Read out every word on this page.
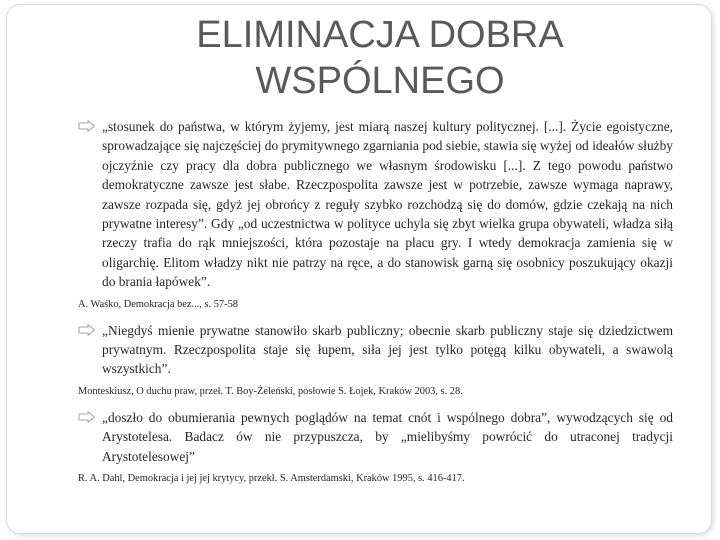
ELIMINACJA DOBRA
WSPÓLNEGO

„stosunek do państwa, w którym żyjemy, jest miarą naszej kultury politycznej. [...]. Życie egoistyczne, sprowadzające się najczęściej do prymitywnego zgarniania pod siebie, stawia się wyżej od ideałów służby ojczyźnie czy pracy dla dobra publicznego we własnym środowisku [...]. Z tego powodu państwo demokratyczne zawsze jest słabe. Rzeczpospolita zawsze jest w potrzebie, zawsze wymaga naprawy, zawsze rozpada się, gdyż jej obrońcy z reguły szybko rozchodzą się do domów, gdzie czekają na nich prywatne interesy”. Gdy „od uczestnictwa w polityce uchyla się zbyt wielka grupa obywateli, władza siłą rzeczy trafia do rąk mniejszości, która pozostaje na placu gry. I wtedy demokracja zamienia się w oligarchię. Elitom władzy nikt nie patrzy na ręce, a do stanowisk garną się osobnicy poszukujący okazji do brania łapówek”.

A. Waśko, Demokracja bez..., s. 57-58

„Niegdyś mienie prywatne stanowiło skarb publiczny; obecnie skarb publiczny staje się dziedzictwem prywatnym. Rzeczpospolita staje się łupem, siła jej jest tylko potęgą kilku obywateli, a swawolą wszystkich”.

Monteskiusz, O duchu praw, przeł. T. Boy-Żeleński, posłowie S. Łojek, Kraków 2003, s. 28.

„doszło do obumierania pewnych poglądów na temat cnót i wspólnego dobra”, wywodzących się od Arystotelesa. Badacz ów nie przypuszcza, by „mielibyśmy powrócić do utraconej tradycji Arystotelesowej”

R. A. Dahl, Demokracja i jej jej krytycy, przekł. S. Amsterdamski, Kraków 1995, s. 416-417.
